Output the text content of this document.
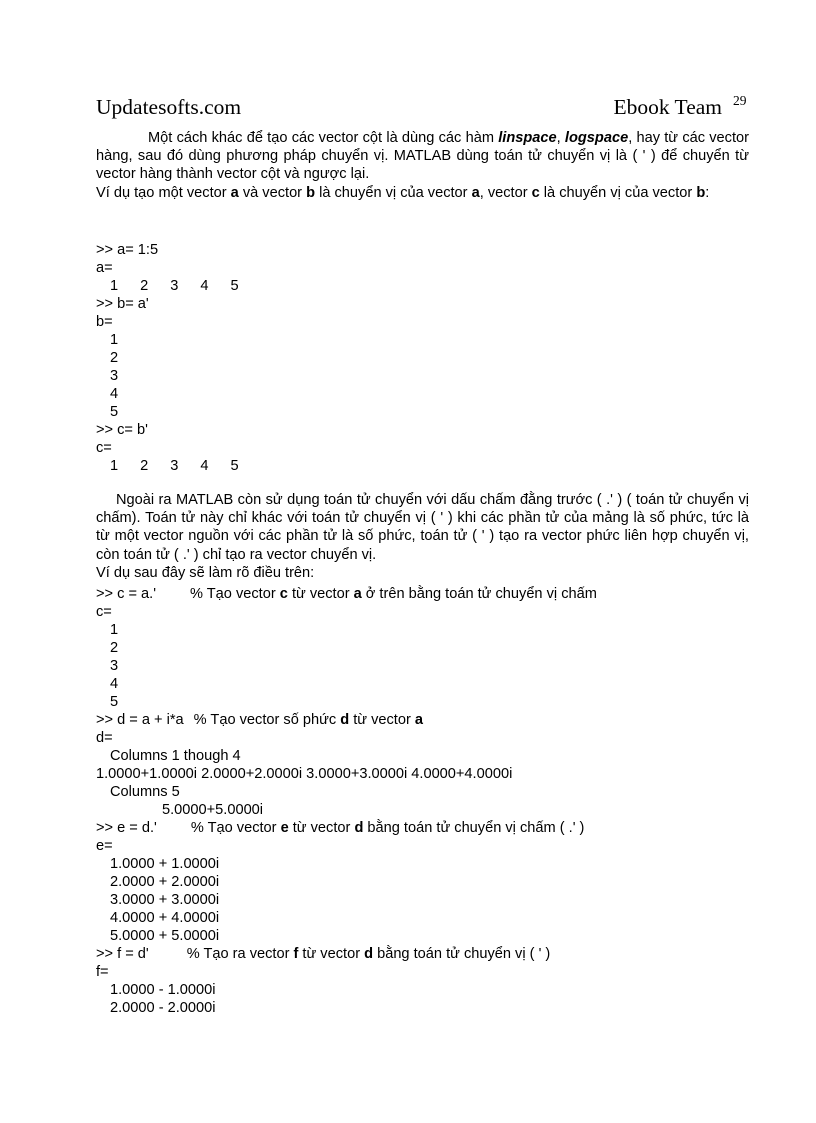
Updatesofts.com	Ebook Team 29
Một cách khác để tạo các vector cột là dùng các hàm linspace, logspace, hay từ các vector hàng, sau đó dùng phương pháp chuyển vị. MATLAB dùng toán tử chuyển vị là ( ' ) để chuyển từ vector hàng thành vector cột và ngược lại.
Ví dụ tạo một vector a và vector b là chuyển vị của vector a, vector c là chuyển vị của vector b:
>> a= 1:5
a=
1 2 3 4 5
>> b= a'
b=
1
2
3
4
5
>> c= b'
c=
1 2 3 4 5
Ngoài ra MATLAB còn sử dụng toán tử chuyển với dấu chấm đằng trước ( .' ) ( toán tử chuyển vị chấm). Toán tử này chỉ khác với toán tử chuyển vị ( ' ) khi các phần tử của mảng là số phức, tức là từ một vector nguồn với các phần tử là số phức, toán tử ( ' ) tạo ra vector phức liên hợp chuyển vị, còn toán tử ( .' ) chỉ tạo ra vector chuyển vị.
Ví dụ sau đây sẽ làm rõ điều trên:
>> c = a.' % Tạo vector c từ vector a ở trên bằng toán tử chuyển vị chấm
c=
1
2
3
4
5
>> d = a + i*a % Tạo vector số phức d từ vector a
d=
Columns 1 though 4
1.0000+1.0000i 2.0000+2.0000i 3.0000+3.0000i 4.0000+4.0000i
Columns 5
5.0000+5.0000i
>> e = d.' % Tạo vector e từ vector d bằng toán tử chuyển vị chấm ( .' )
e=
1.0000 + 1.0000i
2.0000 + 2.0000i
3.0000 + 3.0000i
4.0000 + 4.0000i
5.0000 + 5.0000i
>> f = d'	% Tạo ra vector f từ vector d bằng toán tử chuyển vị ( ' )
f=
1.0000 - 1.0000i
2.0000 - 2.0000i
